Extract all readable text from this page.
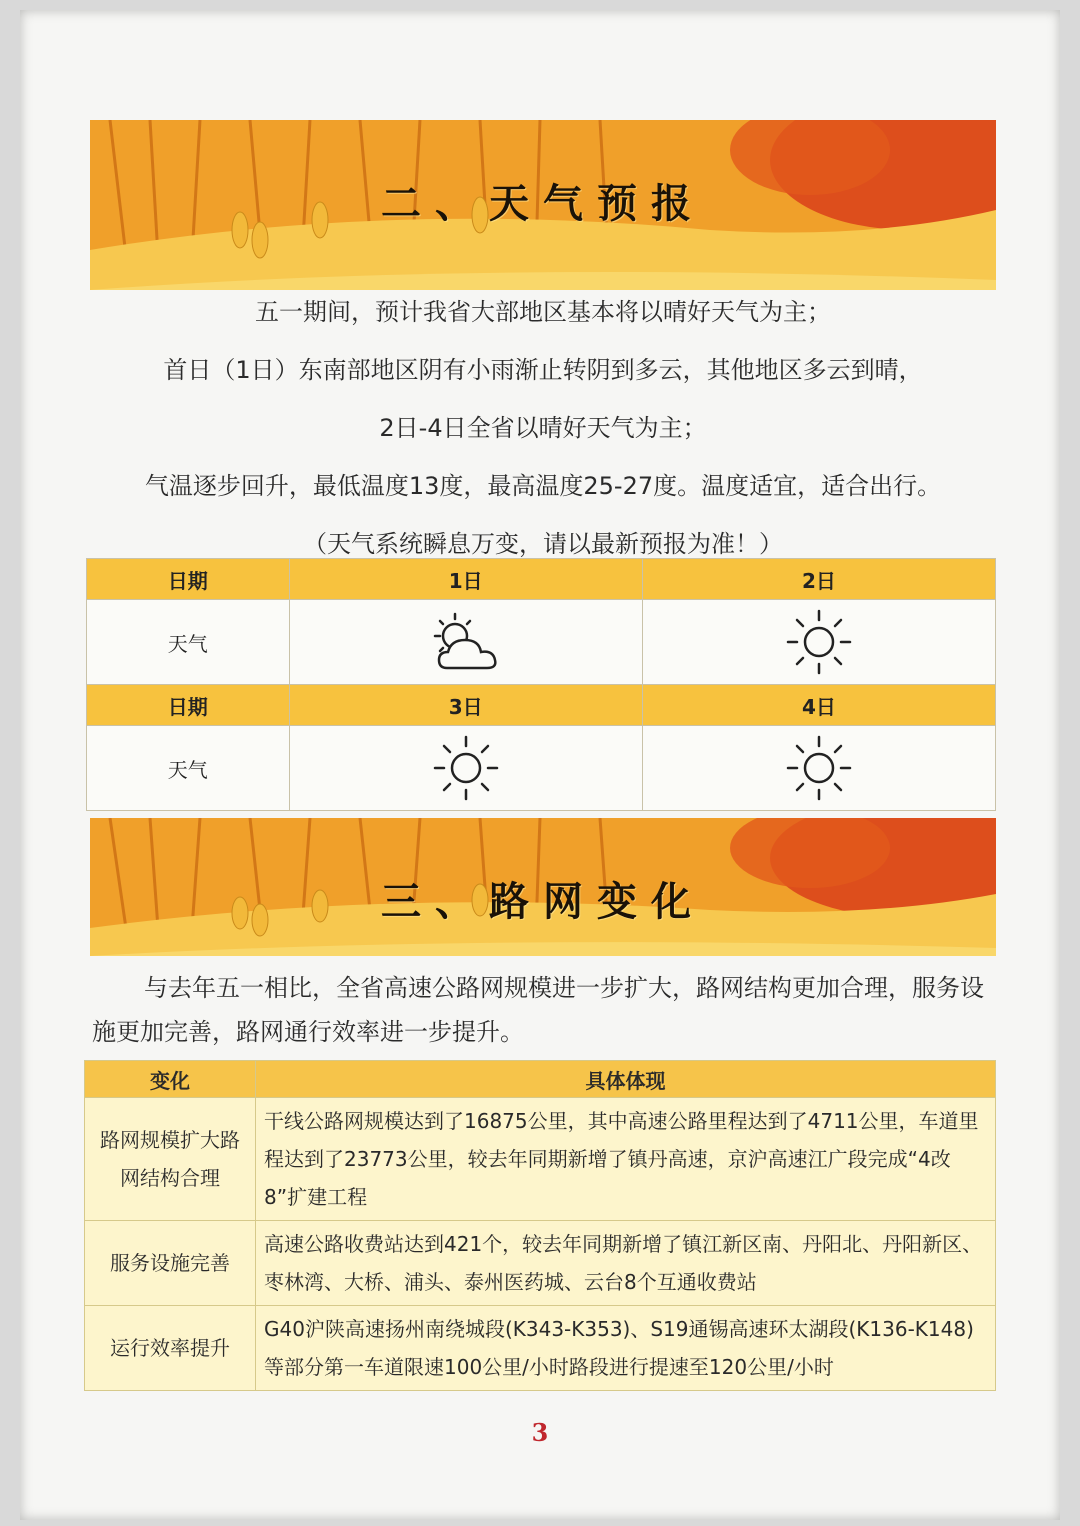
二、天气预报
五一期间，预计我省大部地区基本将以晴好天气为主；
首日（1日）东南部地区阴有小雨渐止转阴到多云，其他地区多云到晴，
2日-4日全省以晴好天气为主；
气温逐步回升，最低温度13度，最高温度25-27度。温度适宜，适合出行。
（天气系统瞬息万变，请以最新预报为准！）
日期	1日	2日
天气	

日期	3日	4日
天气	

三、路网变化
与去年五一相比，全省高速公路网规模进一步扩大，路网结构更加合理，服务设施更加完善，路网通行效率进一步提升。
变化	具体体现
路网规模扩大路网结构合理	干线公路网规模达到了16875公里，其中高速公路里程达到了4711公里，车道里程达到了23773公里，较去年同期新增了镇丹高速，京沪高速江广段完成“4改8”扩建工程
服务设施完善	高速公路收费站达到421个，较去年同期新增了镇江新区南、丹阳北、丹阳新区、枣林湾、大桥、浦头、泰州医药城、云台8个互通收费站
运行效率提升	G40沪陕高速扬州南绕城段(K343-K353)、S19通锡高速环太湖段(K136-K148)等部分第一车道限速100公里/小时路段进行提速至120公里/小时
3
